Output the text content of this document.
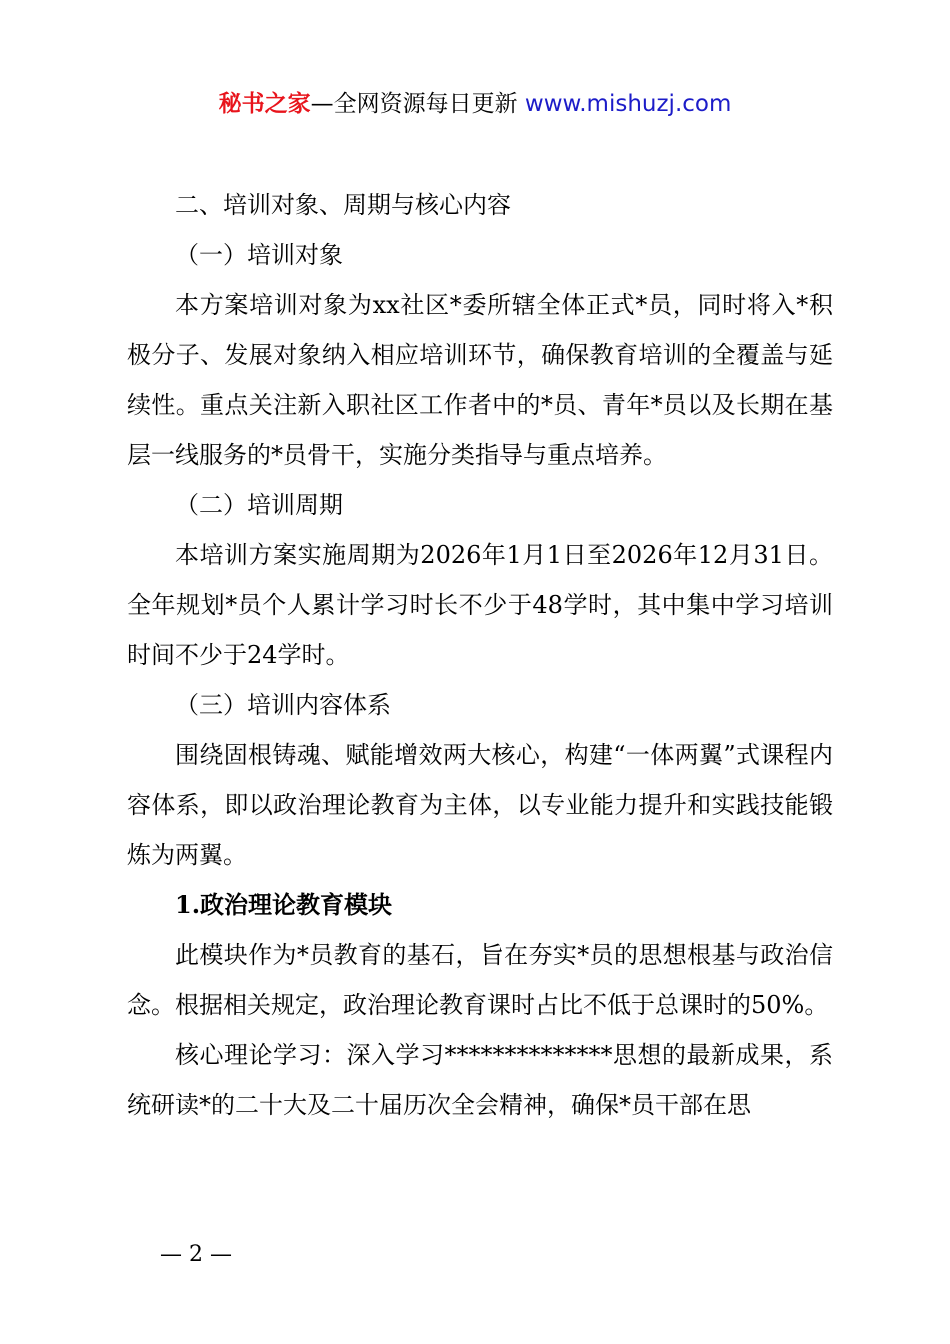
秘书之家—全网资源每日更新 www.mishuzj.com

二、培训对象、周期与核心内容

（一）培训对象

本方案培训对象为xx社区*委所辖全体正式*员，同时将入*积极分子、发展对象纳入相应培训环节，确保教育培训的全覆盖与延续性。重点关注新入职社区工作者中的*员、青年*员以及长期在基层一线服务的*员骨干，实施分类指导与重点培养。

（二）培训周期

本培训方案实施周期为2026年1月1日至2026年12月31日。全年规划*员个人累计学习时长不少于48学时，其中集中学习培训时间不少于24学时。

（三）培训内容体系

围绕固根铸魂、赋能增效两大核心，构建“一体两翼”式课程内容体系，即以政治理论教育为主体，以专业能力提升和实践技能锻炼为两翼。

1.政治理论教育模块

此模块作为*员教育的基石，旨在夯实*员的思想根基与政治信念。根据相关规定，政治理论教育课时占比不低于总课时的50%。

核心理论学习：深入学习**************思想的最新成果，系统研读*的二十大及二十届历次全会精神，确保*员干部在思

— 2 —
